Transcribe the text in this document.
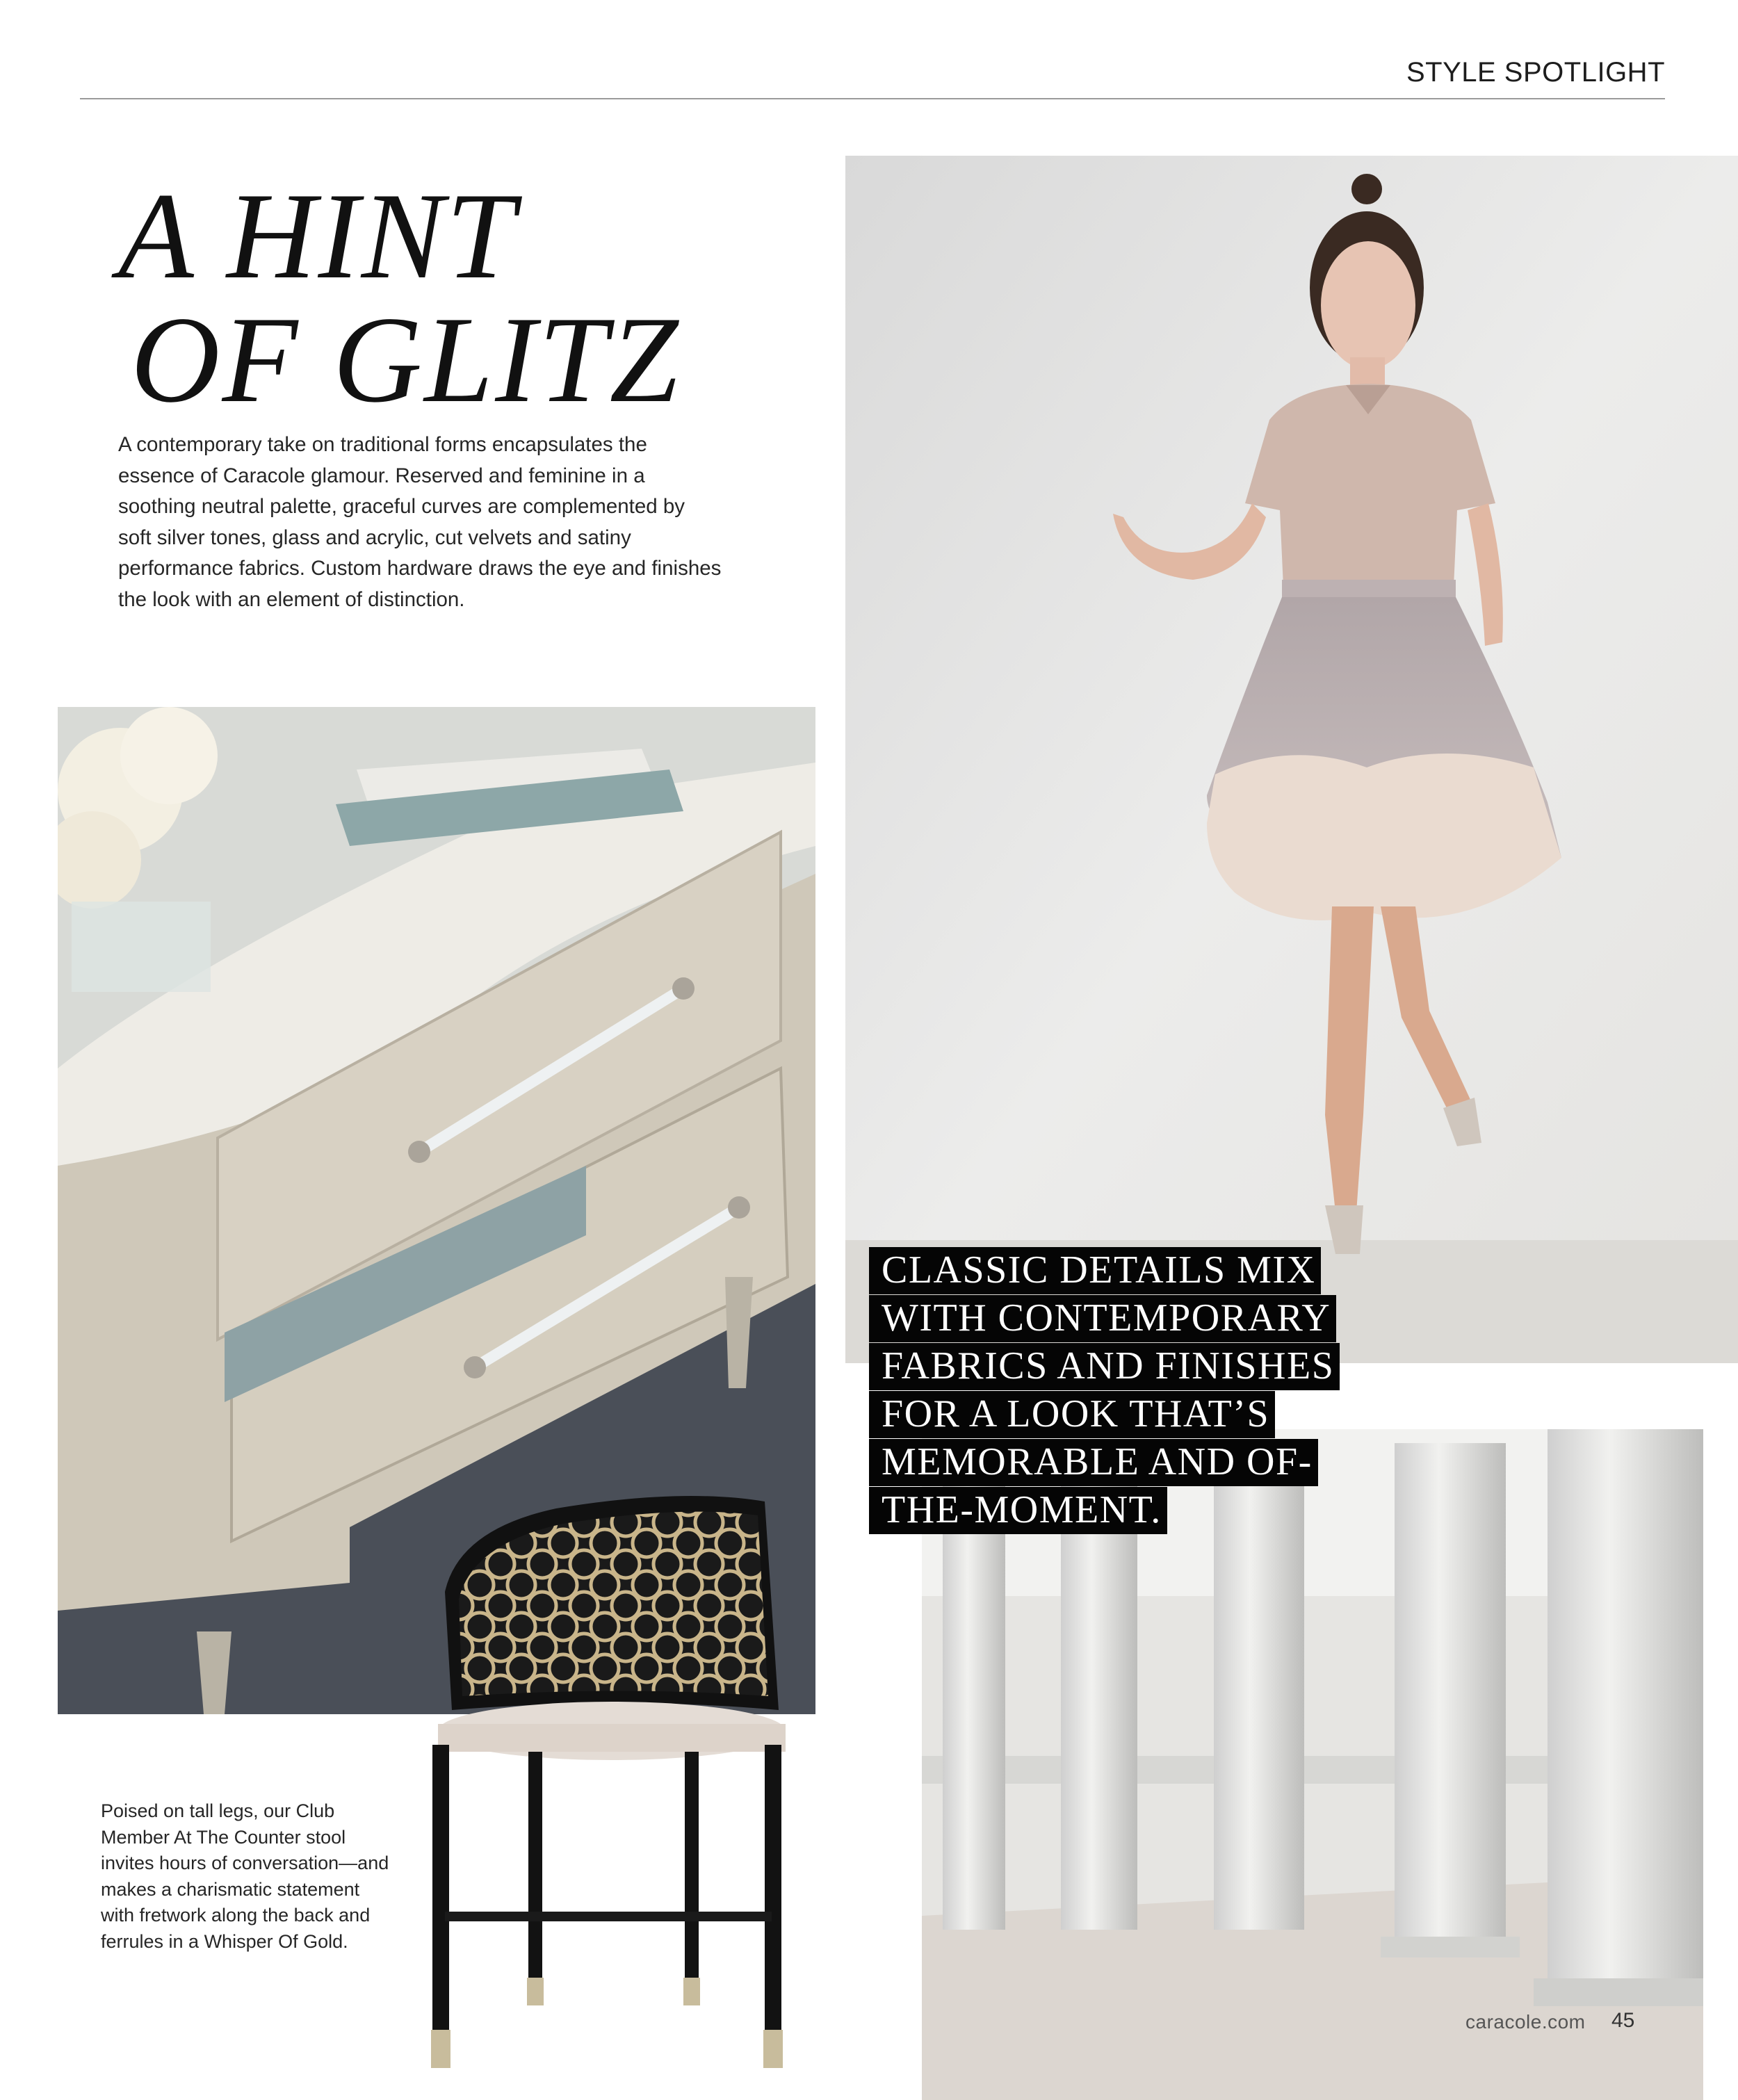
STYLE SPOTLIGHT
A HINT
OF GLITZ

A contemporary take on traditional forms encapsulates the essence of Caracole glamour. Reserved and feminine in a soothing neutral palette, graceful curves are complemented by soft silver tones, glass and acrylic, cut velvets and satiny performance fabrics. Custom hardware draws the eye and finishes the look with an element of distinction.

CLASSIC DETAILS MIX WITH CONTEMPORARY FABRICS AND FINISHES FOR A LOOK THAT’S MEMORABLE AND OF-THE-MOMENT.

Poised on tall legs, our Club Member At The Counter stool invites hours of conversation—and makes a charismatic statement with fretwork along the back and ferrules in a Whisper Of Gold.

caracole.com 45
